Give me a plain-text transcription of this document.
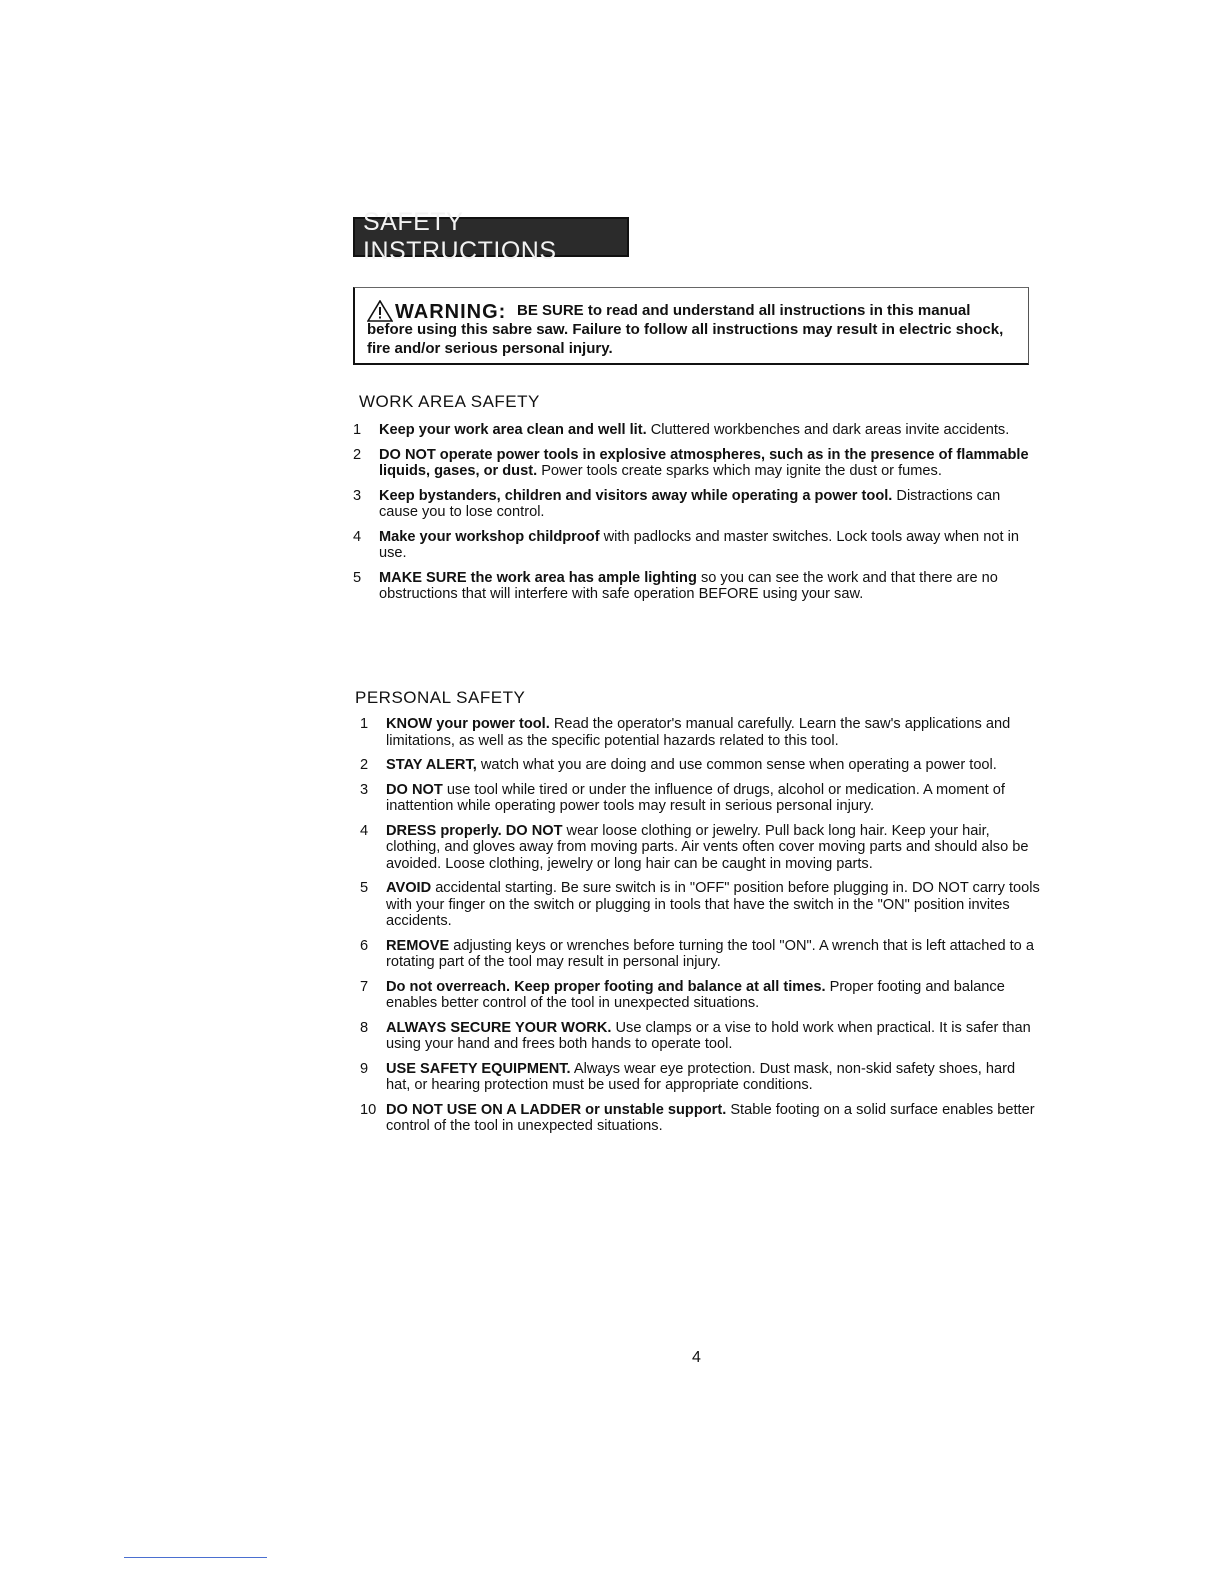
SAFETY INSTRUCTIONS
WARNING: BE SURE to read and understand all instructions in this manual before using this sabre saw. Failure to follow all instructions may result in electric shock, fire and/or serious personal injury.
WORK AREA SAFETY
1 Keep your work area clean and well lit. Cluttered workbenches and dark areas invite accidents.
2 DO NOT operate power tools in explosive atmospheres, such as in the presence of flammable liquids, gases, or dust. Power tools create sparks which may ignite the dust or fumes.
3 Keep bystanders, children and visitors away while operating a power tool. Distractions can cause you to lose control.
4 Make your workshop childproof with padlocks and master switches. Lock tools away when not in use.
5 MAKE SURE the work area has ample lighting so you can see the work and that there are no obstructions that will interfere with safe operation BEFORE using your saw.
PERSONAL SAFETY
1 KNOW your power tool. Read the operator's manual carefully. Learn the saw's applications and limitations, as well as the specific potential hazards related to this tool.
2 STAY ALERT, watch what you are doing and use common sense when operating a power tool.
3 DO NOT use tool while tired or under the influence of drugs, alcohol or medication. A moment of inattention while operating power tools may result in serious personal injury.
4 DRESS properly. DO NOT wear loose clothing or jewelry. Pull back long hair. Keep your hair, clothing, and gloves away from moving parts. Air vents often cover moving parts and should also be avoided. Loose clothing, jewelry or long hair can be caught in moving parts.
5 AVOID accidental starting. Be sure switch is in "OFF" position before plugging in. DO NOT carry tools with your finger on the switch or plugging in tools that have the switch in the "ON" position invites accidents.
6 REMOVE adjusting keys or wrenches before turning the tool "ON". A wrench that is left attached to a rotating part of the tool may result in personal injury.
7 Do not overreach. Keep proper footing and balance at all times. Proper footing and balance enables better control of the tool in unexpected situations.
8 ALWAYS SECURE YOUR WORK. Use clamps or a vise to hold work when practical. It is safer than using your hand and frees both hands to operate tool.
9 USE SAFETY EQUIPMENT. Always wear eye protection. Dust mask, non-skid safety shoes, hard hat, or hearing protection must be used for appropriate conditions.
10 DO NOT USE ON A LADDER or unstable support. Stable footing on a solid surface enables better control of the tool in unexpected situations.
4
